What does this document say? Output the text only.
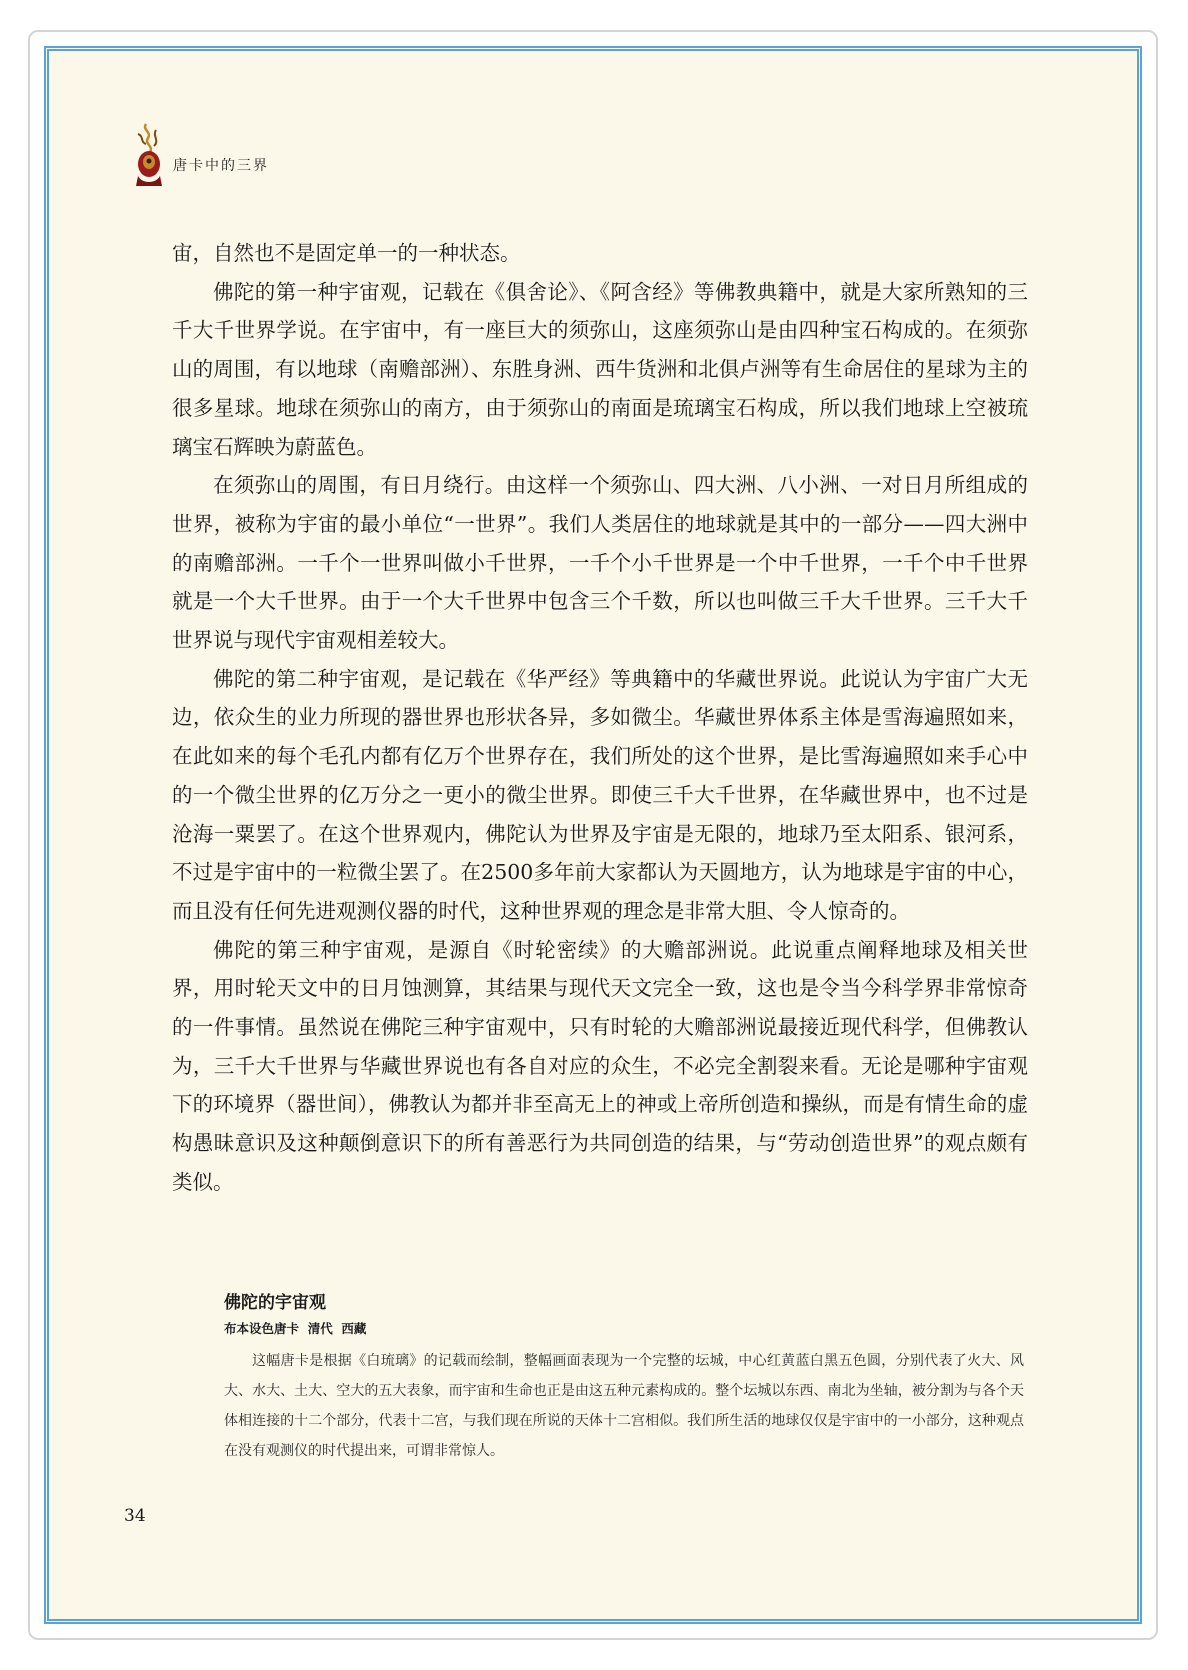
唐卡中的三界

宙，自然也不是固定单一的一种状态。

佛陀的第一种宇宙观，记载在《俱舍论》、《阿含经》等佛教典籍中，就是大家所熟知的三千大千世界学说。在宇宙中，有一座巨大的须弥山，这座须弥山是由四种宝石构成的。在须弥山的周围，有以地球（南赡部洲）、东胜身洲、西牛货洲和北俱卢洲等有生命居住的星球为主的很多星球。地球在须弥山的南方，由于须弥山的南面是琉璃宝石构成，所以我们地球上空被琉璃宝石辉映为蔚蓝色。

在须弥山的周围，有日月绕行。由这样一个须弥山、四大洲、八小洲、一对日月所组成的世界，被称为宇宙的最小单位“一世界”。我们人类居住的地球就是其中的一部分——四大洲中的南赡部洲。一千个一世界叫做小千世界，一千个小千世界是一个中千世界，一千个中千世界就是一个大千世界。由于一个大千世界中包含三个千数，所以也叫做三千大千世界。三千大千世界说与现代宇宙观相差较大。

佛陀的第二种宇宙观，是记载在《华严经》等典籍中的华藏世界说。此说认为宇宙广大无边，依众生的业力所现的器世界也形状各异，多如微尘。华藏世界体系主体是雪海遍照如来，在此如来的每个毛孔内都有亿万个世界存在，我们所处的这个世界，是比雪海遍照如来手心中的一个微尘世界的亿万分之一更小的微尘世界。即使三千大千世界，在华藏世界中，也不过是沧海一粟罢了。在这个世界观内，佛陀认为世界及宇宙是无限的，地球乃至太阳系、银河系，不过是宇宙中的一粒微尘罢了。在2500多年前大家都认为天圆地方，认为地球是宇宙的中心，而且没有任何先进观测仪器的时代，这种世界观的理念是非常大胆、令人惊奇的。

佛陀的第三种宇宙观，是源自《时轮密续》的大赡部洲说。此说重点阐释地球及相关世界，用时轮天文中的日月蚀测算，其结果与现代天文完全一致，这也是令当今科学界非常惊奇的一件事情。虽然说在佛陀三种宇宙观中，只有时轮的大赡部洲说最接近现代科学，但佛教认为，三千大千世界与华藏世界说也有各自对应的众生，不必完全割裂来看。无论是哪种宇宙观下的环境界（器世间），佛教认为都并非至高无上的神或上帝所创造和操纵，而是有情生命的虚构愚昧意识及这种颠倒意识下的所有善恶行为共同创造的结果，与“劳动创造世界”的观点颇有类似。

佛陀的宇宙观
布本设色唐卡  清代  西藏
这幅唐卡是根据《白琉璃》的记载而绘制，整幅画面表现为一个完整的坛城，中心红黄蓝白黑五色圆，分别代表了火大、风大、水大、土大、空大的五大表象，而宇宙和生命也正是由这五种元素构成的。整个坛城以东西、南北为坐轴，被分割为与各个天体相连接的十二个部分，代表十二宫，与我们现在所说的天体十二宫相似。我们所生活的地球仅仅是宇宙中的一小部分，这种观点在没有观测仪的时代提出来，可谓非常惊人。
34
